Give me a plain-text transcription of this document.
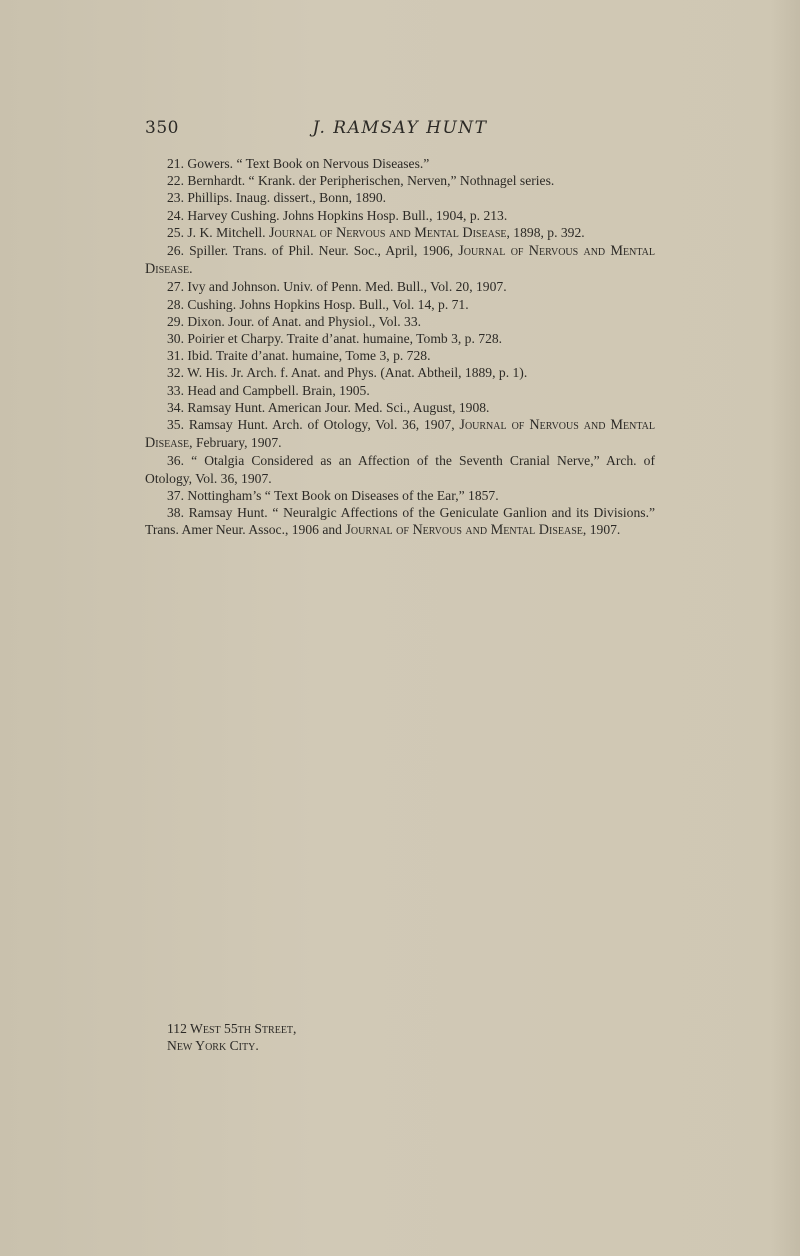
350	J. RAMSAY HUNT

21. Gowers. “ Text Book on Nervous Diseases.”

22. Bernhardt. “ Krank. der Peripherischen, Nerven,” Nothnagel series.

23. Phillips. Inaug. dissert., Bonn, 1890.

24. Harvey Cushing. Johns Hopkins Hosp. Bull., 1904, p. 213.

25. J. K. Mitchell. Journal of Nervous and Mental Disease, 1898, p. 392.

26. Spiller. Trans. of Phil. Neur. Soc., April, 1906, Journal of Nervous and Mental Disease.

27. Ivy and Johnson. Univ. of Penn. Med. Bull., Vol. 20, 1907.

28. Cushing. Johns Hopkins Hosp. Bull., Vol. 14, p. 71.

29. Dixon. Jour. of Anat. and Physiol., Vol. 33.

30. Poirier et Charpy. Traite d’anat. humaine, Tomb 3, p. 728.

31. Ibid. Traite d’anat. humaine, Tome 3, p. 728.

32. W. His. Jr. Arch. f. Anat. and Phys. (Anat. Abtheil, 1889, p. 1).

33. Head and Campbell. Brain, 1905.

34. Ramsay Hunt. American Jour. Med. Sci., August, 1908.

35. Ramsay Hunt. Arch. of Otology, Vol. 36, 1907, Journal of Nervous and Mental Disease, February, 1907.

36. “ Otalgia Considered as an Affection of the Seventh Cranial Nerve,” Arch. of Otology, Vol. 36, 1907.

37. Nottingham’s “ Text Book on Diseases of the Ear,” 1857.

38. Ramsay Hunt. “ Neuralgic Affections of the Geniculate Ganlion and its Divisions.” Trans. Amer Neur. Assoc., 1906 and Journal of Nervous and Mental Disease, 1907.

112 West 55th Street,
New York City.
